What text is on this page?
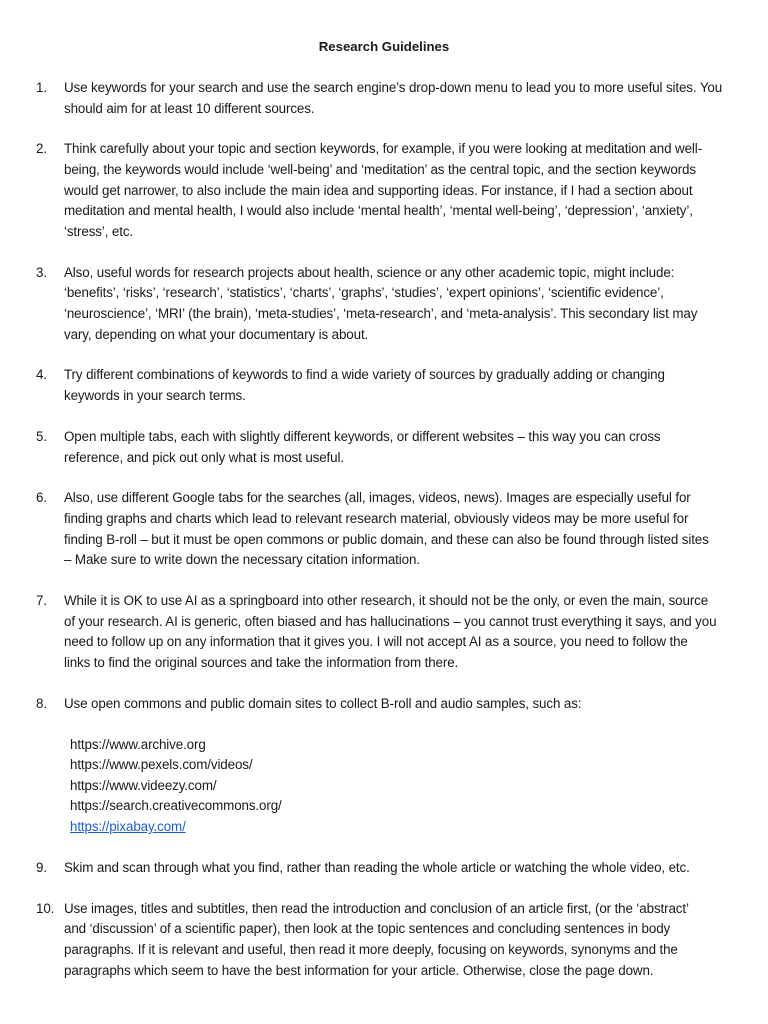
Research Guidelines
1.	Use keywords for your search and use the search engine’s drop-down menu to lead you to more useful sites. You
should aim for at least 10 different sources.
2.	Think carefully about your topic and section keywords, for example, if you were looking at meditation and well-
being, the keywords would include ‘well-being’ and ‘meditation’ as the central topic, and the section keywords
would get narrower, to also include the main idea and supporting ideas. For instance, if I had a section about
meditation and mental health, I would also include ‘mental health’, ‘mental well-being’, ‘depression’, ‘anxiety’,
‘stress’, etc.
3.	Also, useful words for research projects about health, science or any other academic topic, might include:
‘benefits’, ‘risks’, ‘research’, ‘statistics’, ‘charts’, ‘graphs’, ‘studies’, ‘expert opinions’, ‘scientific evidence’,
‘neuroscience’, ‘MRI’ (the brain), ‘meta-studies’, ‘meta-research’, and ‘meta-analysis’. This secondary list may
vary, depending on what your documentary is about.
4.	Try different combinations of keywords to find a wide variety of sources by gradually adding or changing
keywords in your search terms.
5.	Open multiple tabs, each with slightly different keywords, or different websites – this way you can cross
reference, and pick out only what is most useful.
6.	Also, use different Google tabs for the searches (all, images, videos, news). Images are especially useful for
finding graphs and charts which lead to relevant research material, obviously videos may be more useful for
finding B-roll – but it must be open commons or public domain, and these can also be found through listed sites
– Make sure to write down the necessary citation information.
7.	While it is OK to use AI as a springboard into other research, it should not be the only, or even the main, source
of your research. AI is generic, often biased and has hallucinations – you cannot trust everything it says, and you
need to follow up on any information that it gives you. I will not accept AI as a source, you need to follow the
links to find the original sources and take the information from there.
8.	Use open commons and public domain sites to collect B-roll and audio samples, such as:
https://www.archive.org
https://www.pexels.com/videos/
https://www.videezy.com/
https://search.creativecommons.org/
https://pixabay.com/
9.	Skim and scan through what you find, rather than reading the whole article or watching the whole video, etc.
10. Use images, titles and subtitles, then read the introduction and conclusion of an article first, (or the ‘abstract’
and ‘discussion’ of a scientific paper), then look at the topic sentences and concluding sentences in body
paragraphs. If it is relevant and useful, then read it more deeply, focusing on keywords, synonyms and the
paragraphs which seem to have the best information for your article. Otherwise, close the page down.
